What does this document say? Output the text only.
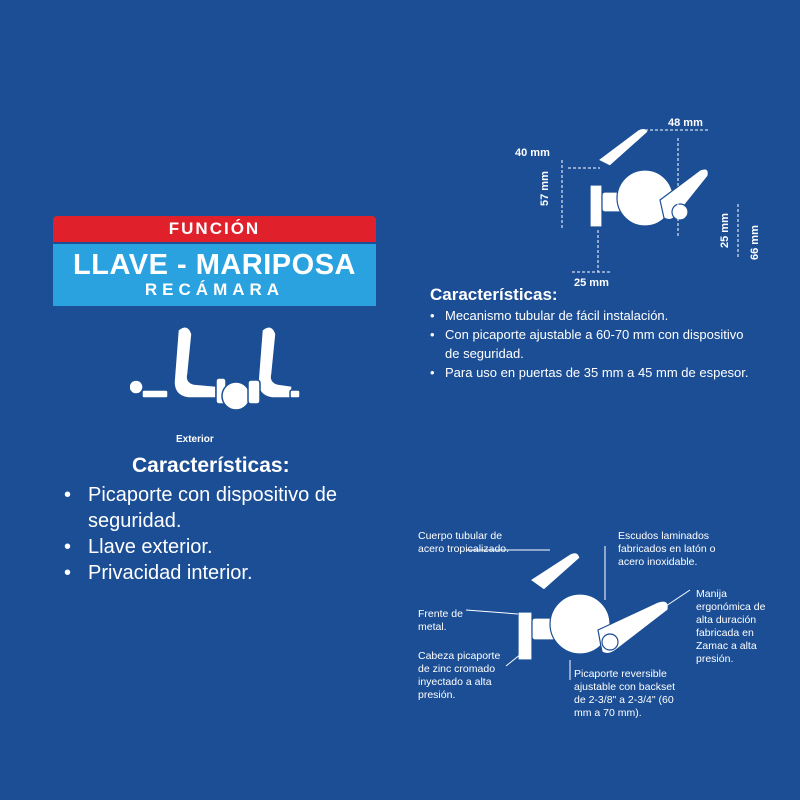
FUNCIÓN
LLAVE - MARIPOSA
RECÁMARA
Exterior
Características:
• Picaporte con dispositivo de seguridad.
• Llave exterior.
• Privacidad interior.
40 mm
48 mm
57 mm
25 mm 66 mm
25 mm
Características:
• Mecanismo tubular de fácil instalación.
• Con picaporte ajustable a 60-70 mm con dispositivo de seguridad.
• Para uso en puertas de 35 mm a 45 mm de espesor.
Cuerpo tubular de acero tropicalizado.
Escudos laminados fabricados en latón o acero inoxidable.
Manija ergonómica de alta duración fabricada en Zamac a alta presión.
Frente de metal.
Cabeza picaporte de zinc cromado inyectado a alta presión.
Picaporte reversible ajustable con backset de 2-3/8" a 2-3/4" (60 mm a 70 mm).
